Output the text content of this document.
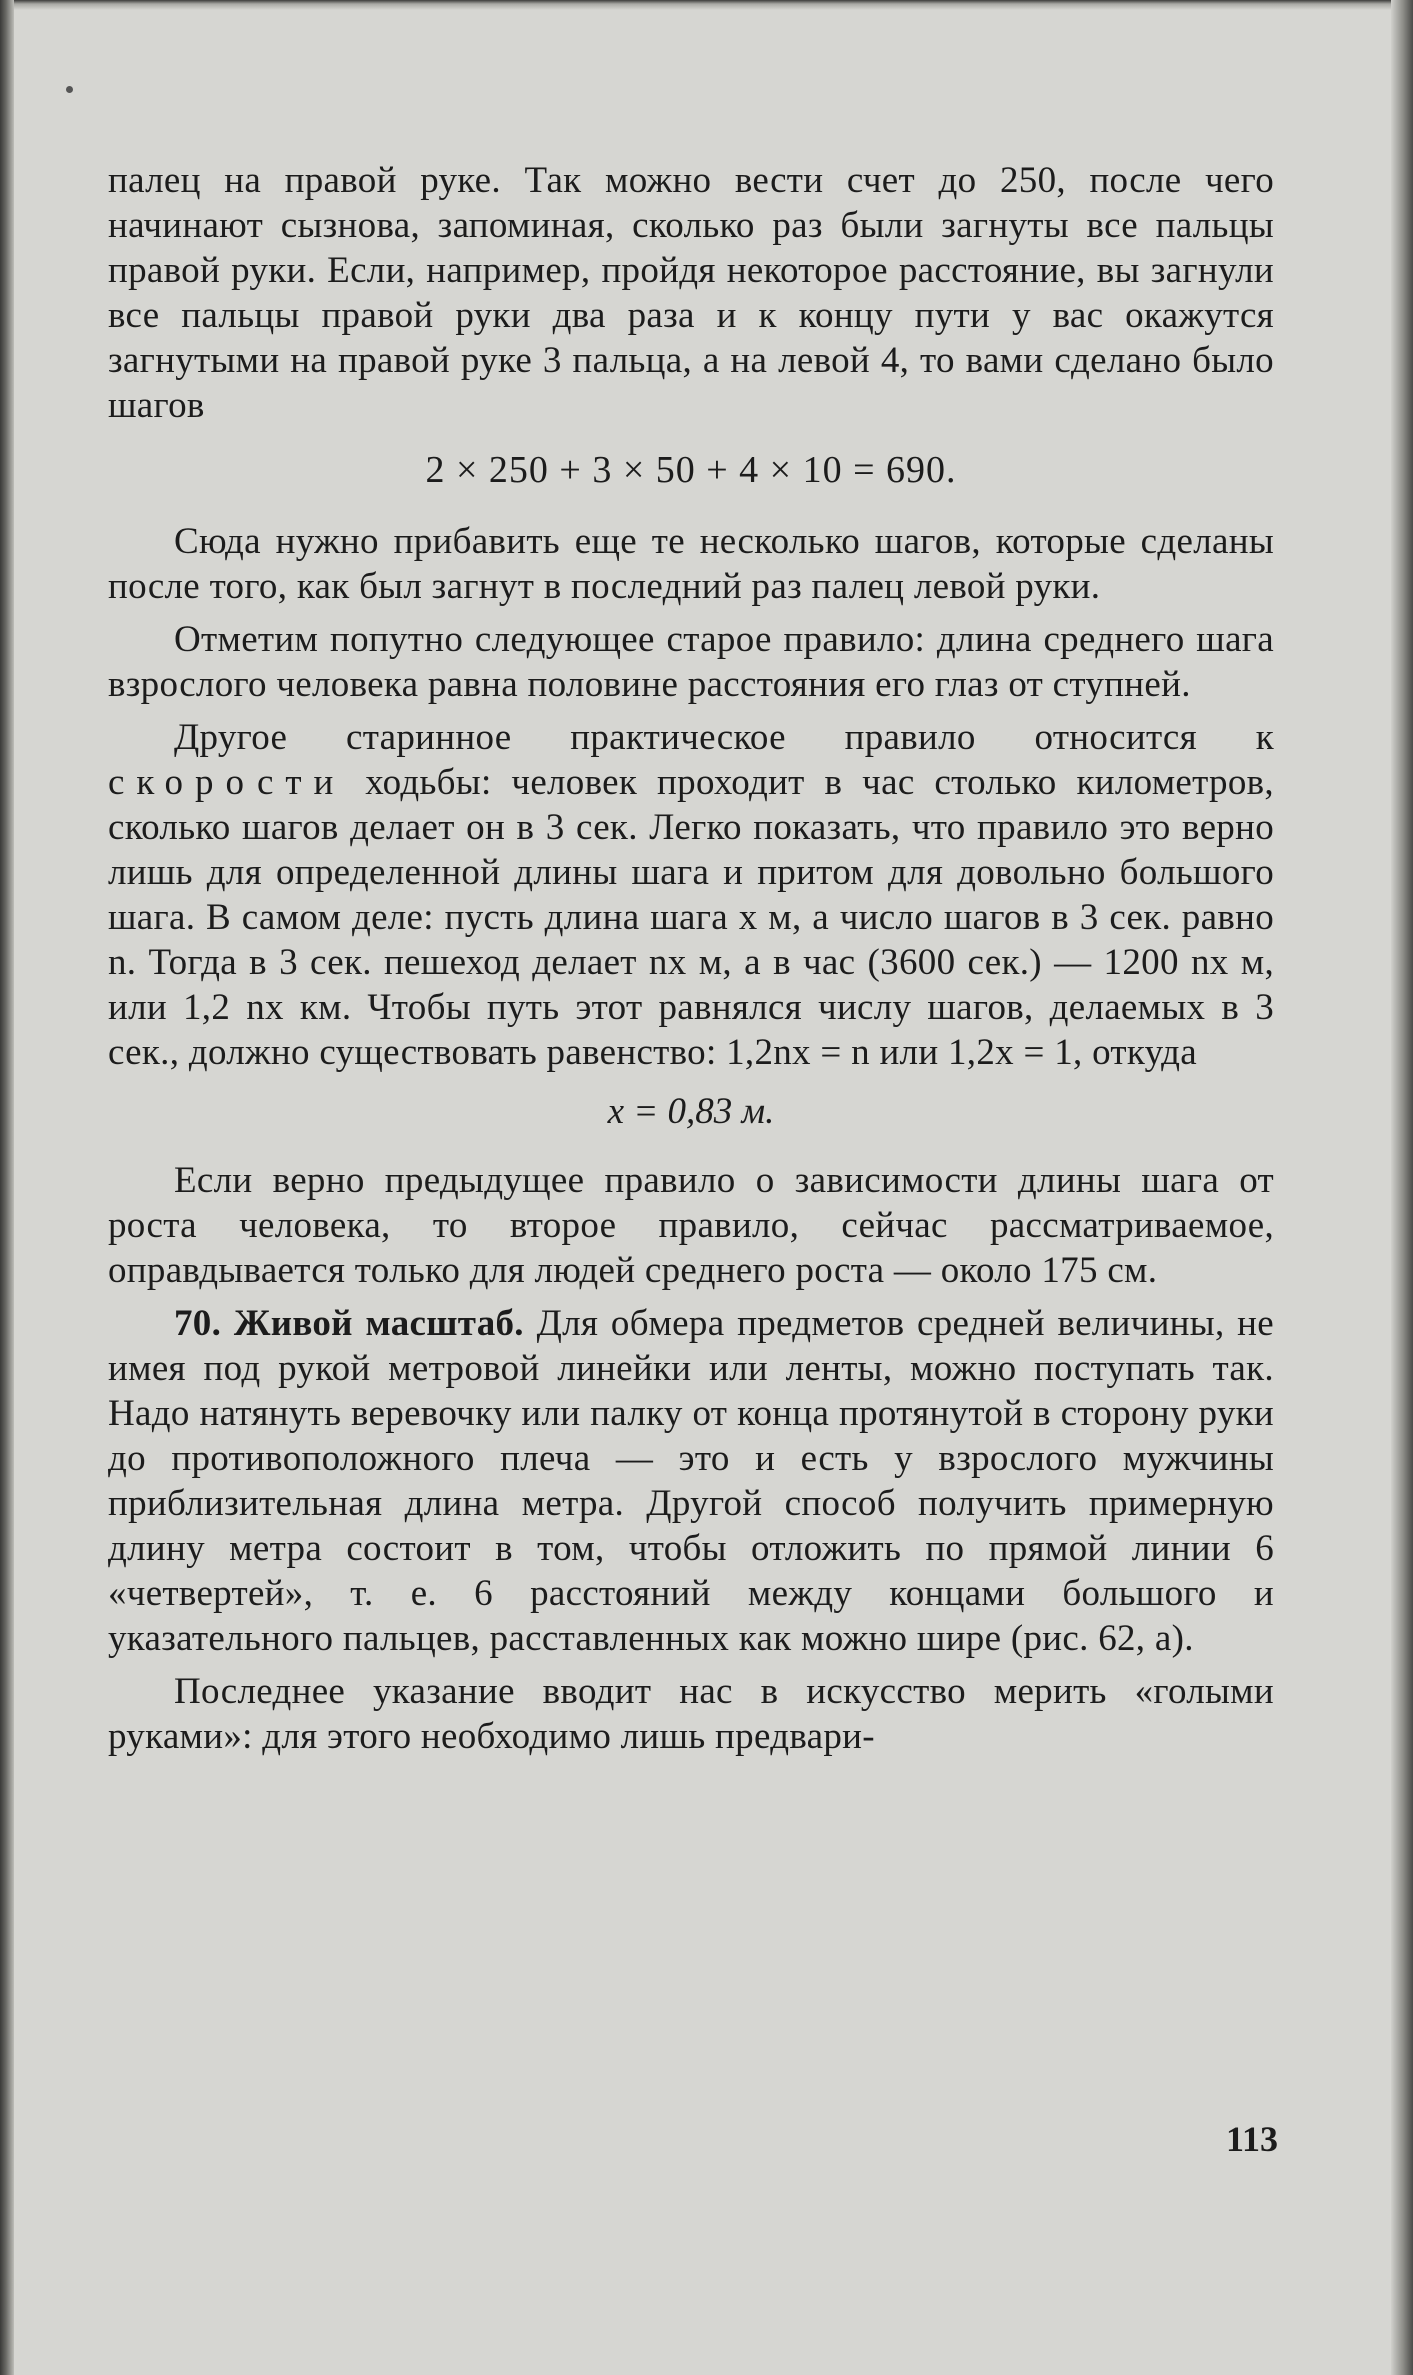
палец на правой руке. Так можно вести счет до 250, после чего начинают сызнова, запоминая, сколько раз были загнуты все пальцы правой руки. Если, например, пройдя некоторое расстояние, вы загнули все пальцы правой руки два раза и к концу пути у вас окажутся загнутыми на правой руке 3 пальца, а на левой 4, то вами сделано было шагов

2 × 250 + 3 × 50 + 4 × 10 = 690.

Сюда нужно прибавить еще те несколько шагов, которые сделаны после того, как был загнут в последний раз палец левой руки.

Отметим попутно следующее старое правило: длина среднего шага взрослого человека равна половине расстояния его глаз от ступней.

Другое старинное практическое правило относится к скорости ходьбы: человек проходит в час столько километров, сколько шагов делает он в 3 сек. Легко показать, что правило это верно лишь для определенной длины шага и притом для довольно большого шага. В самом деле: пусть длина шага x м, а число шагов в 3 сек. равно n. Тогда в 3 сек. пешеход делает nx м, а в час (3600 сек.) — 1200 nx м, или 1,2 nx км. Чтобы путь этот равнялся числу шагов, делаемых в 3 сек., должно существовать равенство: 1,2nx = n или 1,2x = 1, откуда

x = 0,83 м.

Если верно предыдущее правило о зависимости длины шага от роста человека, то второе правило, сейчас рассматриваемое, оправдывается только для людей среднего роста — около 175 см.

70. Живой масштаб. Для обмера предметов средней величины, не имея под рукой метровой линейки или ленты, можно поступать так. Надо натянуть веревочку или палку от конца протянутой в сторону руки до противоположного плеча — это и есть у взрослого мужчины приблизительная длина метра. Другой способ получить примерную длину метра состоит в том, чтобы отложить по прямой линии 6 «четвертей», т. е. 6 расстояний между концами большого и указательного пальцев, расставленных как можно шире (рис. 62, а).

Последнее указание вводит нас в искусство мерить «голыми руками»: для этого необходимо лишь предвари-

113
